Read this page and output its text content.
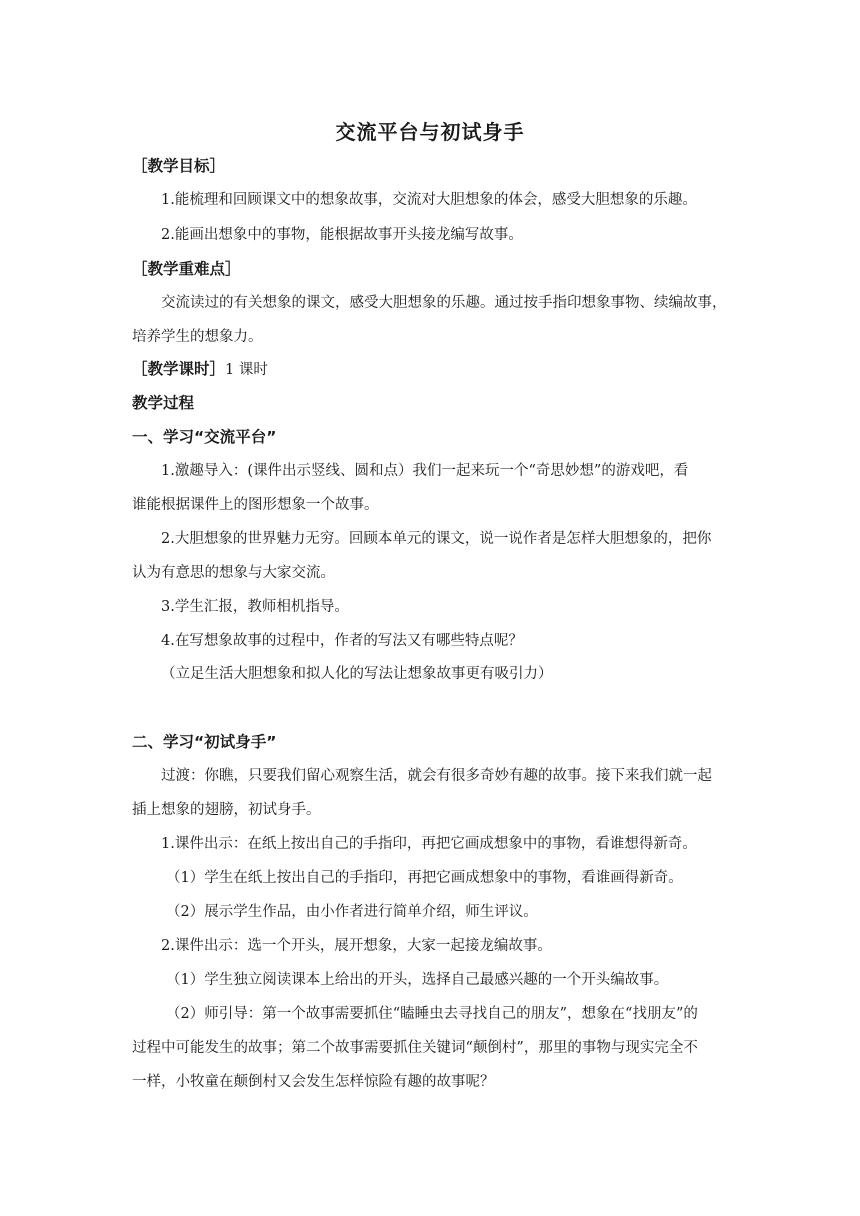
交流平台与初试身手
［教学目标］
1.能梳理和回顾课文中的想象故事，交流对大胆想象的体会，感受大胆想象的乐趣。
2.能画出想象中的事物，能根据故事开头接龙编写故事。
［教学重难点］
交流读过的有关想象的课文，感受大胆想象的乐趣。通过按手指印想象事物、续编故事，
培养学生的想象力。
［教学课时］1 课时
教学过程
一、学习“交流平台”
1.激趣导入：(课件出示竖线、圆和点）我们一起来玩一个“奇思妙想”的游戏吧，看
谁能根据课件上的图形想象一个故事。
2.大胆想象的世界魅力无穷。回顾本单元的课文，说一说作者是怎样大胆想象的，把你
认为有意思的想象与大家交流。
3.学生汇报，教师相机指导。
4.在写想象故事的过程中，作者的写法又有哪些特点呢？
（立足生活大胆想象和拟人化的写法让想象故事更有吸引力）
二、学习“初试身手”
过渡：你瞧，只要我们留心观察生活，就会有很多奇妙有趣的故事。接下来我们就一起
插上想象的翅膀，初试身手。
1.课件出示：在纸上按出自己的手指印，再把它画成想象中的事物，看谁想得新奇。
（1）学生在纸上按出自己的手指印，再把它画成想象中的事物，看谁画得新奇。
（2）展示学生作品，由小作者进行简单介绍，师生评议。
2.课件出示：选一个开头，展开想象，大家一起接龙编故事。
（1）学生独立阅读课本上给出的开头，选择自己最感兴趣的一个开头编故事。
（2）师引导：第一个故事需要抓住“瞌睡虫去寻找自己的朋友”，想象在“找朋友”的
过程中可能发生的故事；第二个故事需要抓住关键词“颠倒村”，那里的事物与现实完全不
一样，小牧童在颠倒村又会发生怎样惊险有趣的故事呢？
